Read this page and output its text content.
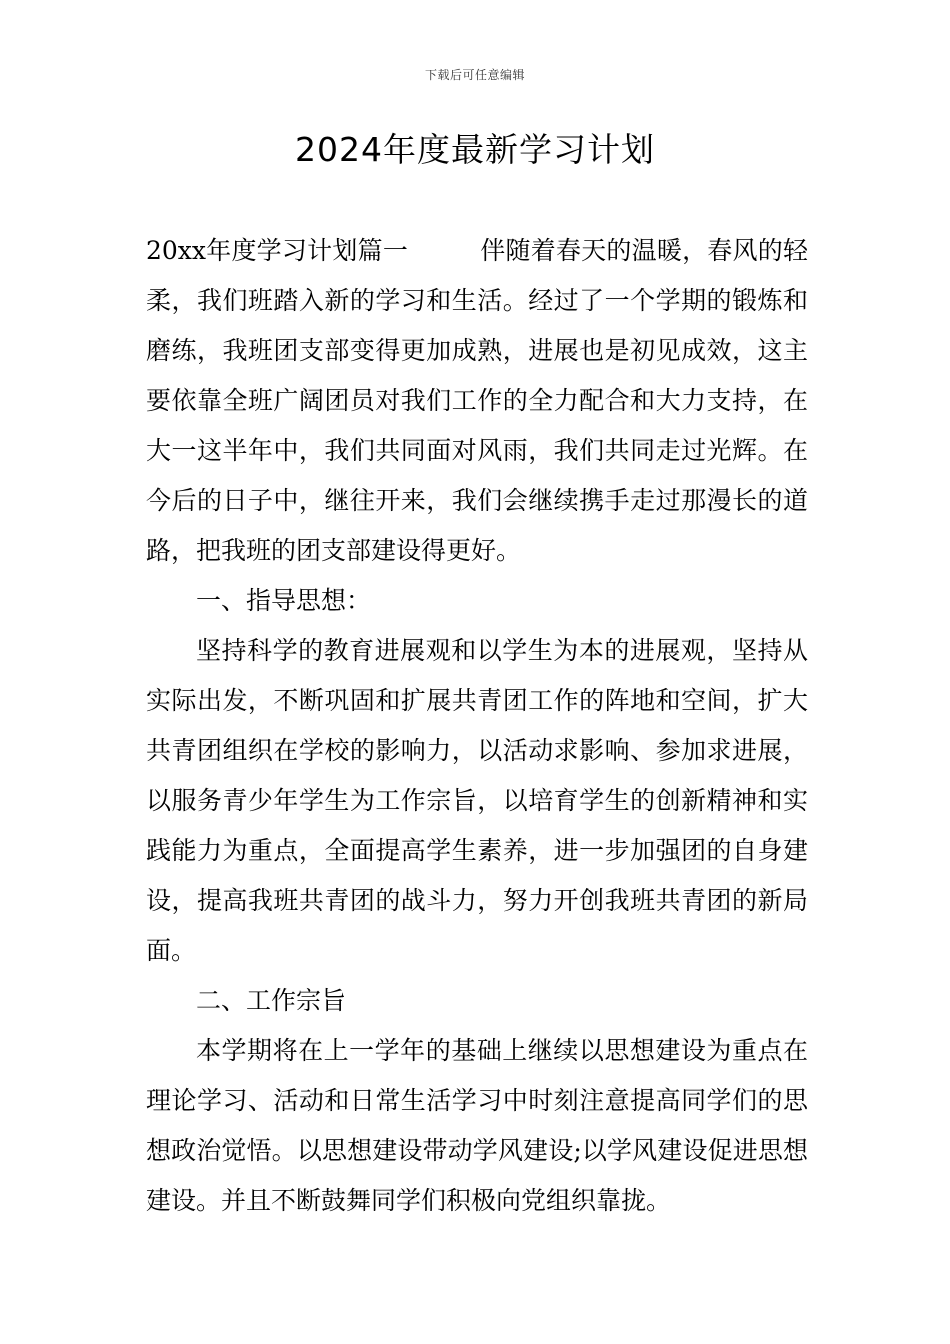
下载后可任意编辑
2024年度最新学习计划

20xx年度学习计划篇一	伴随着春天的温暖，春风的轻柔，我们班踏入新的学习和生活。经过了一个学期的锻炼和磨练，我班团支部变得更加成熟，进展也是初见成效，这主要依靠全班广阔团员对我们工作的全力配合和大力支持，在大一这半年中，我们共同面对风雨，我们共同走过光辉。在今后的日子中，继往开来，我们会继续携手走过那漫长的道路，把我班的团支部建设得更好。

一、指导思想：

坚持科学的教育进展观和以学生为本的进展观，坚持从实际出发，不断巩固和扩展共青团工作的阵地和空间，扩大共青团组织在学校的影响力，以活动求影响、参加求进展，以服务青少年学生为工作宗旨，以培育学生的创新精神和实践能力为重点，全面提高学生素养，进一步加强团的自身建设，提高我班共青团的战斗力，努力开创我班共青团的新局面。

二、工作宗旨

本学期将在上一学年的基础上继续以思想建设为重点在理论学习、活动和日常生活学习中时刻注意提高同学们的思想政治觉悟。以思想建设带动学风建设;以学风建设促进思想建设。并且不断鼓舞同学们积极向党组织靠拢。
